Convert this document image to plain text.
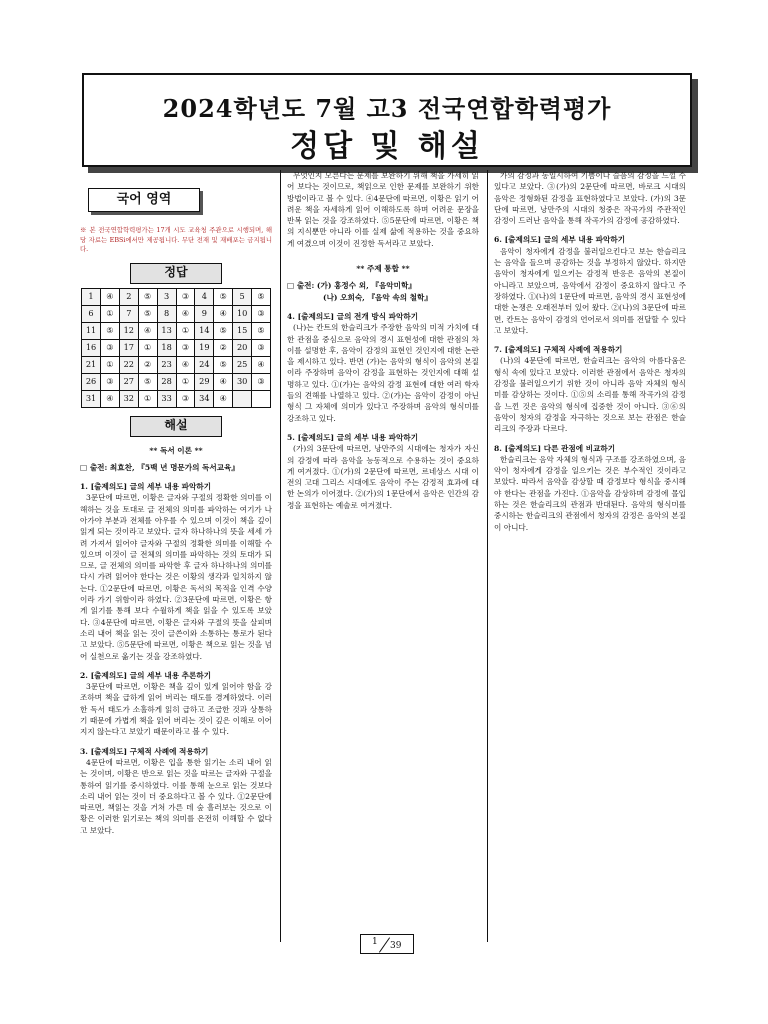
2024학년도 7월 고3 전국연합학력평가
정답 및 해설
국어 영역
※ 본 전국연합학력평가는 17개 시도 교육청 주관으로 시행되며, 해당 자료는 EBSi에서만 제공됩니다. 무단 전재 및 재배포는 금지됩니다.
정답
1	④	2	⑤	3	③	4	⑤	5	⑤
6	①	7	⑤	8	④	9	④	10	③
11	⑤	12	④	13	①	14	⑤	15	⑤
16	③	17	①	18	③	19	②	20	③
21	①	22	②	23	④	24	⑤	25	④
26	③	27	⑤	28	①	29	④	30	③
31	④	32	①	33	③	34	④		
해설
** 독서 이론 **
□ 출전: 최효찬, 『5백 년 명문가의 독서교육』
1. [출제의도] 글의 세부 내용 파악하기

3문단에 따르면, 이황은 글자와 구절의 정확한 의미를 이해하는 것을 토대로 글 전체의 의미를 파악하는 여기가 나아가야 부분과 전체를 아우를 수 있으며 이것이 책을 깊이 읽게 되는 것이라고 보았다. 글자 하나하나의 뜻을 세세 가려 가져서 읽어야 글자와 구절의 정확한 의미를 이해할 수 있으며 이것이 글 전체의 의미를 파악하는 것의 토대가 되므로, 글 전체의 의미를 파악한 후 글자 하나하나의 의미를 다시 가려 읽어야 한다는 것은 이황의 생각과 일치하지 않는다. ①2문단에 따르면, 이황은 독서의 목적을 인격 수양이라 가기 위함이라 하였다. ②3문단에 따르면, 이황은 항게 읽기를 통해 보다 수월하게 책을 읽을 수 있도록 보았다. ③4문단에 따르면, 이황은 글자와 구절의 뜻을 살피며 소리 내어 책을 읽는 것이 글쓴이와 소통하는 통로가 된다고 보았다. ⑤5문단에 따르면, 이황은 책으로 읽는 것을 넘어 실천으로 옮기는 것을 강조하였다.

2. [출제의도] 글의 세부 내용 추론하기

3문단에 따르면, 이황은 책을 깊이 있게 읽어야 함을 강조하며 책을 급하게 읽어 버리는 태도를 경계하였다. 이러한 독서 태도가 소홀하게 읽히 급하고 조급한 것과 상통하기 때문에 가볍게 책을 읽어 버리는 것이 깊은 이해로 이어지지 않는다고 보았기 때문이라고 볼 수 있다.

3. [출제의도] 구체적 사례에 적용하기

4문단에 따르면, 이황은 입을 통한 읽기는 소리 내어 읽는 것이며, 이황은 반으로 읽는 것을 따르는 글자와 구절을 통하여 읽기를 중시하였다. 이를 통해 눈으로 읽는 것보다 소리 내어 읽는 것이 더 중요하다고 볼 수 있다. ①2문단에 따르면, 책읽는 것을 거쳐 가른 데 숲 흘러보는 것으로 이황은 이러한 읽기로는 책의 의미를 온전히 이해할 수 없다고 보았다.

무엇인지 모른다는 문제를 보완하기 위해 책을 가세히 읽어 보다는 것이므로, 책읽으로 인한 문제를 보완하기 위한 방법이라고 볼 수 있다. ④4문단에 따르면, 이황은 읽기 어려운 책을 자세하게 읽어 이해하도록 하며 어려운 문장을 반복 읽는 것을 강조하였다. ⑤5문단에 따르면, 이황은 책의 지식뿐만 아니라 이를 실제 삶에 적용하는 것을 중요하게 여겼으며 이것이 진정한 독서라고 보았다.

** 주제 통합 **
□ 출전: (가) 홍정수 외, 『음악미학』
(나) 오희숙, 『음악 속의 철학』
4. [출제의도] 글의 전개 방식 파악하기

(나)는 칸트의 한슬리크가 주장한 음악의 미적 가치에 대한 관점을 중심으로 음악의 경시 표현성에 대한 관점의 차이를 설명한 후, 음악이 감정의 표현인 것인지에 대한 논란을 제시하고 있다. 반면 (가)는 음악의 형식이 음악의 본질이라 주장하며 음악이 감정을 표현하는 것인지에 대해 설명하고 있다. ①(가)는 음악의 감정 표현에 대한 여러 학자들의 견해를 나열하고 있다. ②(가)는 음악이 감정이 아닌 형식 그 자체에 의미가 있다고 주장하며 음악의 형식미를 강조하고 있다.

5. [출제의도] 글의 세부 내용 파악하기

(가)의 3문단에 따르면, 낭만주의 시대에는 청자가 자신의 감정에 따라 음악을 능동적으로 수용하는 것이 중요하게 여겨졌다. ①(가)의 2문단에 따르면, 르네상스 시대 이전의 고대 그리스 시대에도 음악이 주는 감정적 효과에 대한 논의가 이어졌다. ②(가)의 1문단에서 음악은 인간의 감정을 표현하는 예술로 여겨졌다.

가의 감정과 동일시하여 기쁨이나 슬픔의 감정을 느낄 수 있다고 보았다. ③(가)의 2문단에 따르면, 바로크 시대의 음악은 정형화된 감정을 표현하였다고 보았다. (가)의 3문단에 따르면, 낭만주의 시대의 청중은 작곡가의 주관적인 감정이 드러난 음악을 통해 작곡가의 감정에 공감하였다.

6. [출제의도] 글의 세부 내용 파악하기

음악이 청자에게 감정을 불러일으킨다고 보는 한슬리크는 음악을 들으며 공감하는 것을 부정하지 않았다. 하지만 음악이 청자에게 일으키는 감정적 반응은 음악의 본질이 아니라고 보았으며, 음악에서 감정이 중요하지 않다고 주장하였다. ①(나)의 1문단에 따르면, 음악의 경시 표현성에 대한 논쟁은 오래전부터 있어 왔다. ②(나)의 3문단에 따르면, 칸트는 음악이 감정의 언어로서 의미를 전달할 수 있다고 보았다.

7. [출제의도] 구체적 사례에 적용하기

(나)의 4문단에 따르면, 한슬리크는 음악의 아름다움은 형식 속에 있다고 보았다. 이러한 관점에서 음악은 청자의 감정을 불러일으키기 위한 것이 아니라 음악 자체의 형식미를 감상하는 것이다. ①⑤의 소리를 통해 작곡가의 감정을 느낀 것은 음악의 형식에 집중한 것이 아니다. ③⑥의 음악이 청자의 감정을 자극하는 것으로 보는 관점은 한슬리크의 주장과 다르다.

8. [출제의도] 다른 관점에 비교하기

한슬리크는 음악 자체의 형식과 구조를 강조하였으며, 음악이 청자에게 감정을 일으키는 것은 부수적인 것이라고 보았다. 따라서 음악을 감상할 때 감정보다 형식을 중시해야 한다는 관점을 가진다. ①음악을 감상하며 감정에 몰입하는 것은 한슬리크의 관점과 반대된다. 음악의 형식미를 중시하는 한슬리크의 관점에서 청자의 감정은 음악의 본질이 아니다.

1 39
